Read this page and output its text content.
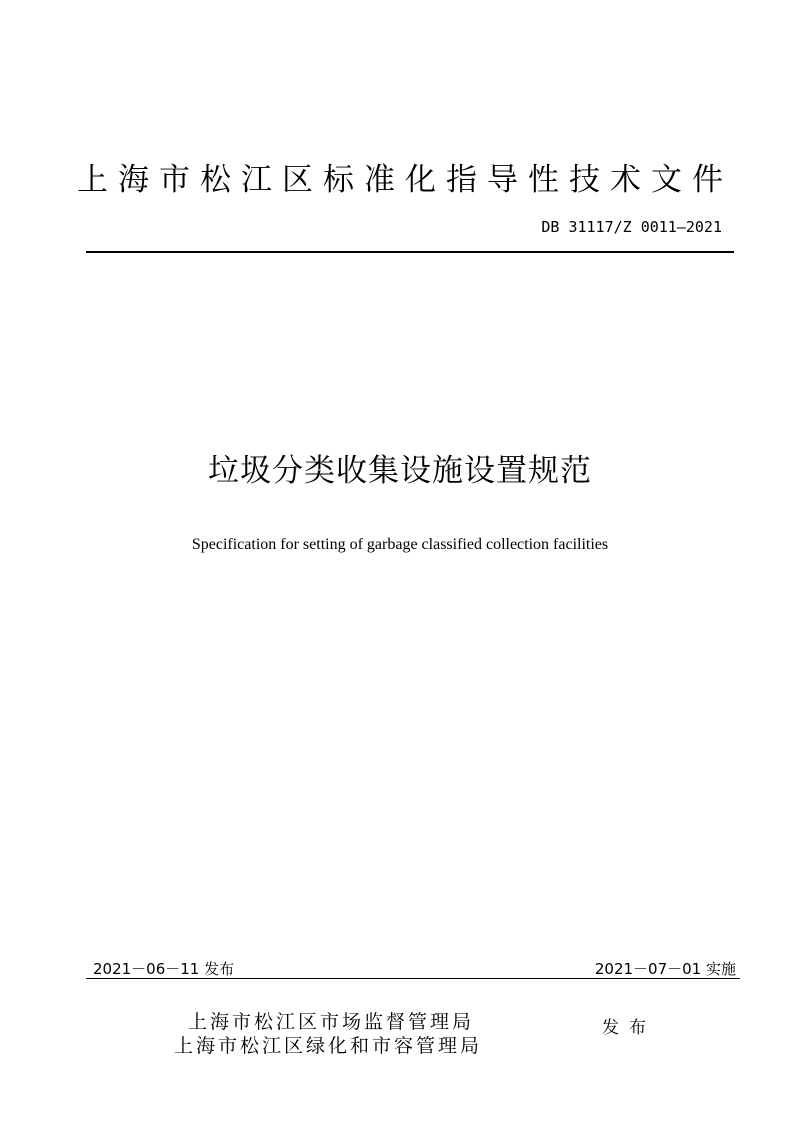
上海市松江区标准化指导性技术文件
DB 31117/Z 0011—2021
垃圾分类收集设施设置规范
Specification for setting of garbage classified collection facilities
2021－06－11 发布	2021－07－01 实施
上海市松江区市场监督管理局
上海市松江区绿化和市容管理局
发布
